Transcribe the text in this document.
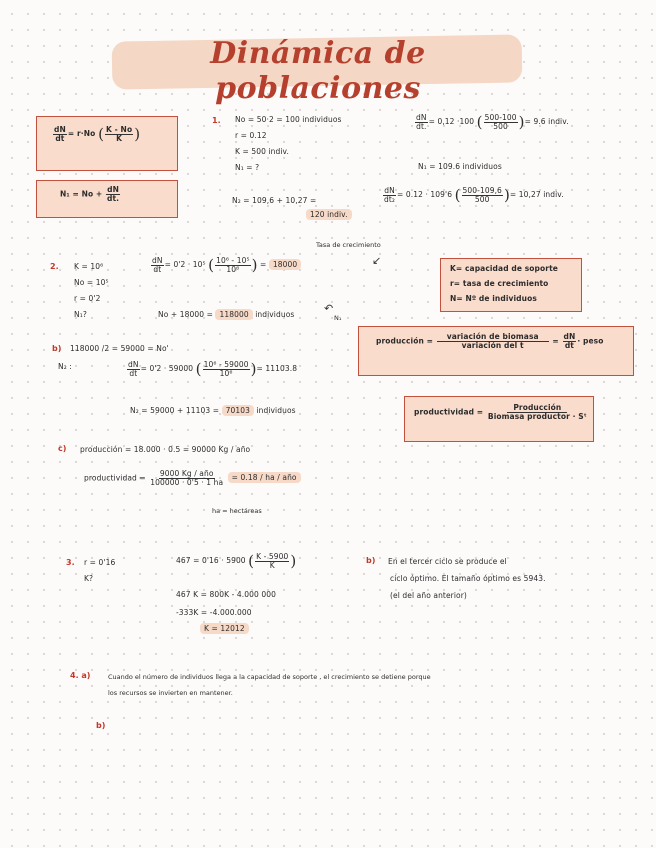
Dinámica de poblaciones
$\frac{dN}{dt} = r\cdot No$ ( $\frac{K - No}{K}$ )
$N_1 = No + \frac{dN}{dt.}$
1. No = 50·2 = 100 individuos
r = 0.12
K = 500 indiv.
N₁ = ?
$\frac{dN}{dt.} = 0,12 \cdot 100$ ( $\frac{500-100}{500}$ )= 9.6 indiv.
N₁ = 109.6 individuos
N₂ = 109,6 + 10,27 =
120 indiv.
$\frac{dN}{\text{dt₂}} = 0.12 \cdot 109'6$ ( $\frac{500-109,6}{500}$ )= 10,27 indiv.
Tasa de crecimiento
↙
2. K = 10⁶
No = 10⁵
r = 0'2
N₁?
$\frac{dN}{dt} = 0'2 \cdot 10^5$ ( $\frac{\text{10⁶ - 10⁵}}{\text{10⁶}}$ ) = 18000
No + 18000 = 118000 individuos	↶
N₁
K= capacidad de soporte
r= tasa de crecimiento
N= Nº de individuos
producción = $\frac{\text{variación de biomasa}}{\text{variación del t}} = \frac{dN}{dt}$ · peso
productividad = $\frac{\text{Producción}}{\text{Biomasa productor · Sᵗ}}$
b) 118000 /2 = 59000 = No'
N₂ :	$\frac{dN}{dt} = 0'2 \cdot 59000$ ( $\frac{\text{10⁶ - 59000}}{\text{10⁶}}$ )= 11103.8
N₂ = 59000 + 11103 = 70103 individuos
c) producción = 18.000 · 0.5 = 90000 Kg / año
productividad = $\frac{\text{9000 Kg / año}}{100000 \cdot 0'5 \cdot 1 ha} = 0.18$ / ha / año
ha = hectáreas
3. r = 0'16
K?
467 = 0'16 · 5900 ( $\frac{K - 5900}{K}$ )
467 K = 800K - 4.000 000
-333K = -4.000.000
K = 12012
b) En el tercer ciclo se produce el
ciclo óptimo. El tamaño óptimo es 5943.
(el del año anterior)
4. a)	Cuando el número de individuos llega a la capacidad de soporte , el crecimiento se detiene porque
los recursos se invierten en mantener.
b)
